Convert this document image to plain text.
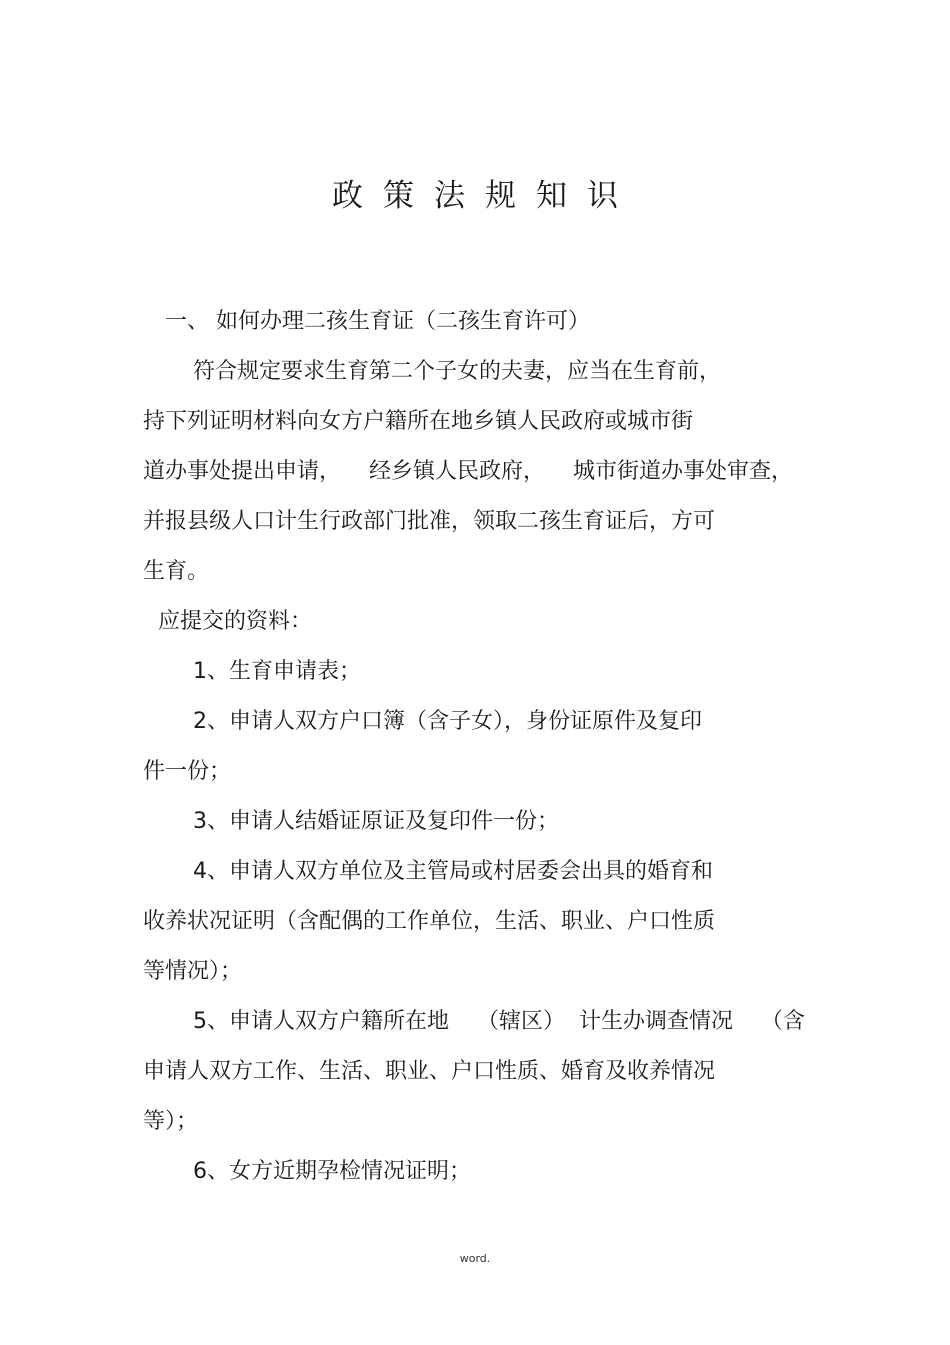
政策法规知识
一、 如何办理二孩生育证（二孩生育许可）
符合规定要求生育第二个子女的夫妻，应当在生育前，
持下列证明材料向女方户籍所在地乡镇人民政府或城市街
道办事处提出申请，    经乡镇人民政府，    城市街道办事处审查，
并报县级人口计生行政部门批准，领取二孩生育证后，方可
生育。
应提交的资料：
1、生育申请表；
2、申请人双方户口簿（含子女），身份证原件及复印
件一份；
3、申请人结婚证原证及复印件一份；
4、申请人双方单位及主管局或村居委会出具的婚育和
收养状况证明（含配偶的工作单位，生活、职业、户口性质
等情况）；
5、申请人双方户籍所在地    （辖区）  计生办调查情况    （含
申请人双方工作、生活、职业、户口性质、婚育及收养情况
等）；
6、女方近期孕检情况证明；
word.
